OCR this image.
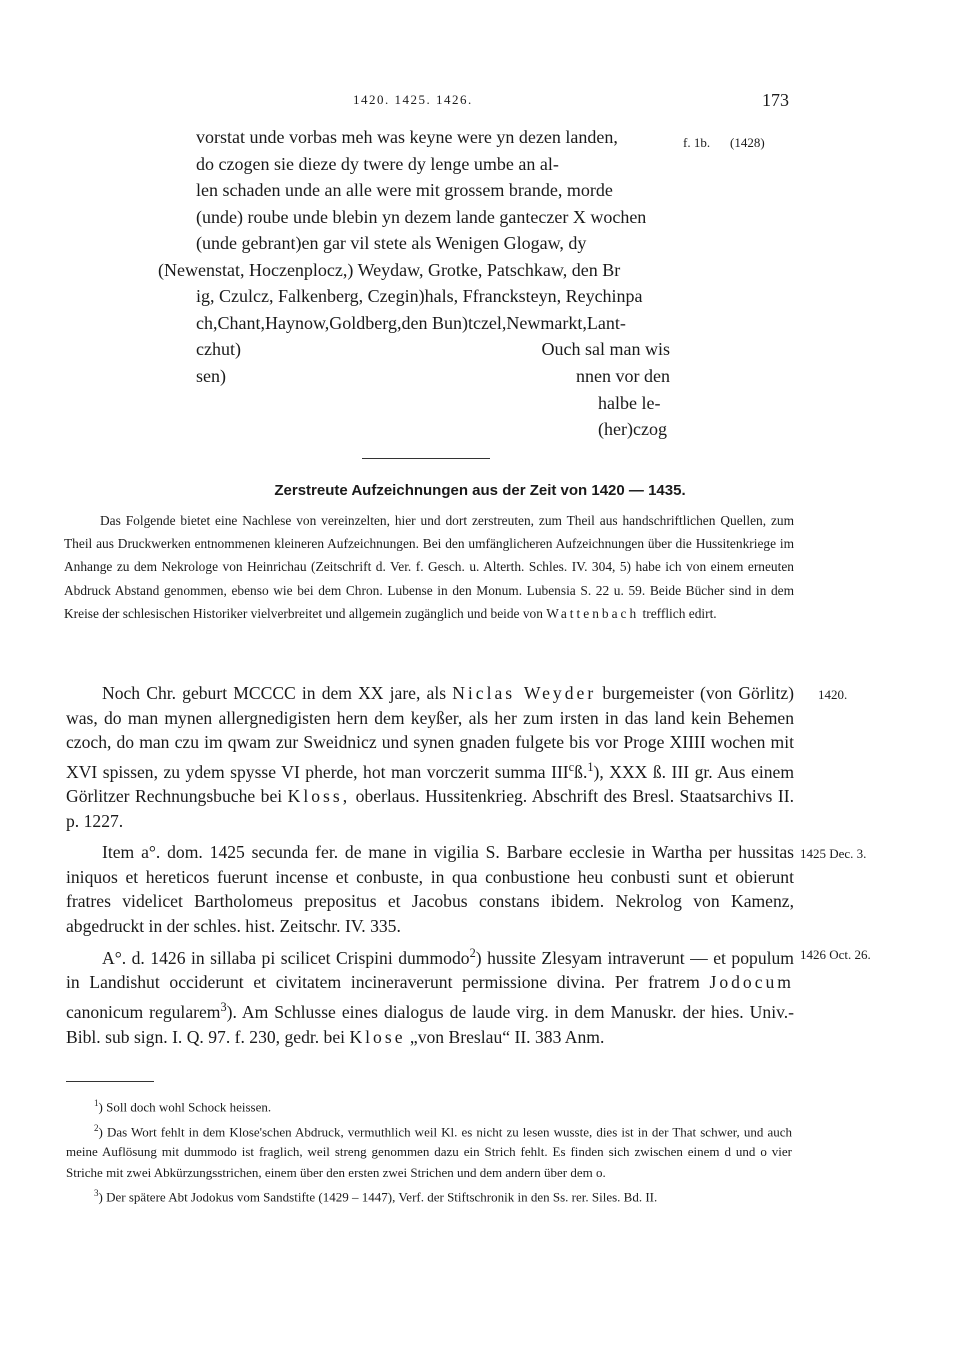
1420. 1425. 1426.	173
vorstat unde vorbas meh was keyne were yn dezen landen,
do czogen sie dieze dy twere dy lenge umbe an al-
len schaden unde an alle were mit grossem brande, morde
(unde) roube unde blebin yn dezem lande ganteczer X wochen
(unde gebrant)en gar vil stete als Wenigen Glogaw, dy
(Newenstat, Hoczenplocz,) Weydaw, Grotke, Patschkaw, den Br
ig, Czulcz, Falkenberg, Czegin)hals, Ffrancksteyn, Reychinpa
ch,Chant,Haynow,Goldberg,den Bun)tczel,Newmarkt,Lant-
czhut)	Ouch sal man wis
sen)	nnen vor den
halbe le-
(her)czog
f. 1b. (1428)
Zerstreute Aufzeichnungen aus der Zeit von 1420 — 1435.

Das Folgende bietet eine Nachlese von vereinzelten, hier und dort zerstreuten, zum Theil aus handschriftlichen Quellen, zum Theil aus Druckwerken entnommenen kleineren Aufzeichnungen. Bei den umfänglicheren Aufzeichnungen über die Hussitenkriege im Anhange zu dem Nekrologe von Heinrichau (Zeitschrift d. Ver. f. Gesch. u. Alterth. Schles. IV. 304, 5) habe ich von einem erneuten Abdruck Abstand genommen, ebenso wie bei dem Chron. Lubense in den Monum. Lubensia S. 22 u. 59. Beide Bücher sind in dem Kreise der schlesischen Historiker vielverbreitet und allgemein zugänglich und beide von Wattenbach trefflich edirt.

Noch Chr. geburt MCCCC in dem XX jare, als Niclas Weyder burgemeister (von Görlitz) was, do man mynen allergnedigisten hern dem keyßer, als her zum irsten in das land kein Behemen czoch, do man czu im qwam zur Sweidnicz und synen gnaden fulgete bis vor Proge XIIII wochen mit XVI spissen, zu ydem spysse VI pherde, hot man vorczerit summa III$^c$ß.$^1$), XXX ß. III gr. Aus einem Görlitzer Rechnungsbuche bei Kloss, oberlaus. Hussitenkrieg. Abschrift des Bresl. Staatsarchivs II. p. 1227.

Item a°. dom. 1425 secunda fer. de mane in vigilia S. Barbare ecclesie in Wartha per hussitas iniquos et hereticos fuerunt incense et conbuste, in qua conbustione heu conbusti sunt et obierunt fratres videlicet Bartholomeus prepositus et Jacobus constans ibidem. Nekrolog von Kamenz, abgedruckt in der schles. hist. Zeitschr. IV. 335.

A°. d. 1426 in sillaba pi scilicet Crispini dummodo$^2$) hussite Zlesyam intraverunt — et populum in Landishut occiderunt et civitatem incineraverunt permissione divina. Per fratrem Jodocum canonicum regularem$^3$). Am Schlusse eines dialogus de laude virg. in dem Manuskr. der hies. Univ.-Bibl. sub sign. I. Q. 97. f. 230, gedr. bei Klose „von Breslau“ II. 383 Anm.

1420.
1425 Dec. 3.
1426 Oct. 26.

$^1$) Soll doch wohl Schock heissen.

$^2$) Das Wort fehlt in dem Klose'schen Abdruck, vermuthlich weil Kl. es nicht zu lesen wusste, dies ist in der That schwer, und auch meine Auflösung mit dummodo ist fraglich, weil streng genommen dazu ein Strich fehlt. Es finden sich zwischen einem d und o vier Striche mit zwei Abkürzungsstrichen, einem über den ersten zwei Strichen und dem andern über dem o.

$^3$) Der spätere Abt Jodokus vom Sandstifte (1429 – 1447), Verf. der Stiftschronik in den Ss. rer. Siles. Bd. II.
